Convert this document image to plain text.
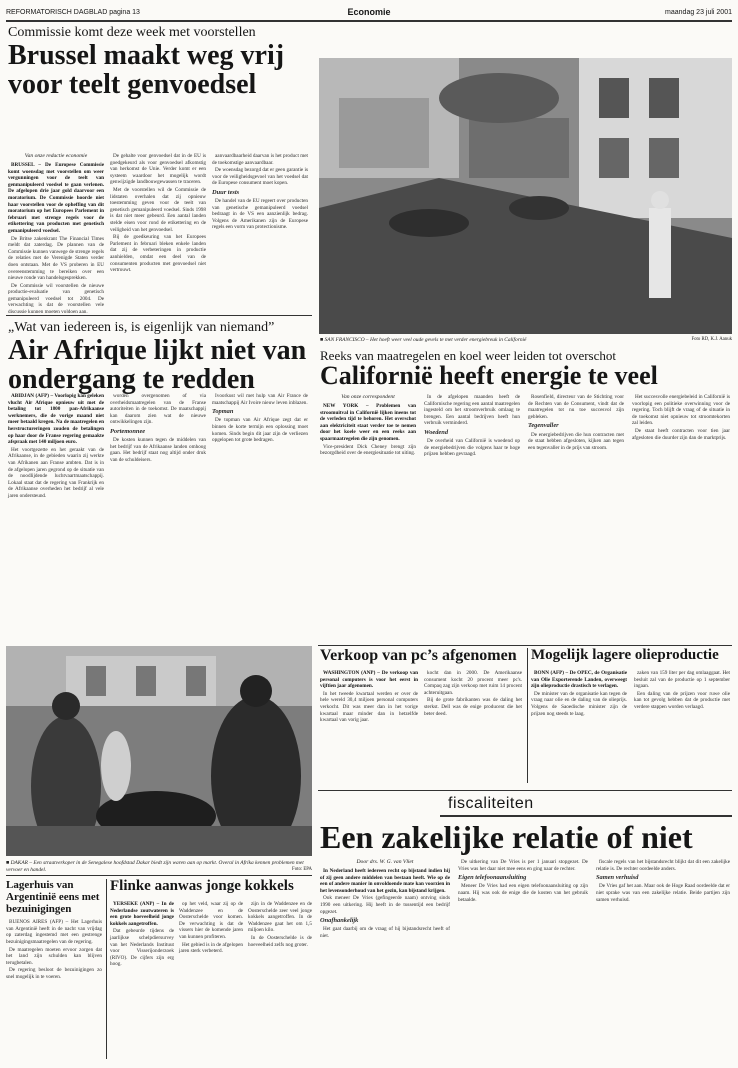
REFORMATORISCH DAGBLAD pagina 13	Economie	maandag 23 juli 2001
Commissie komt deze week met voorstellen
Brussel maakt weg vrij voor teelt genvoedsel
Van onze redactie economie

BRUSSEL – De Europese Commissie komt woensdag met voorstellen om weer vergunningen voor de teelt van genmanipuleerd voedsel te gaan verlenen. De afgelopen drie jaar gold daarvoor een moratorium. De Commissie hoorde niet haar voorstellen voor de opheffing van dit moratorium op het Europees Parlement in februari met strenge regels voor de etikettering van producten met genetisch gemanipuleerd voedsel.

De Britse zakenkrant The Financial Times meldt dat zaterdag. De plannen van de Commissie kunnen vanwege de strenge regels de relaties met de Verenigde Staten verder doen ontstaan. Met de VS proberen in EU overeenstemming te bereiken over een nieuwe ronde van handelsgesprekken.

De Commissie wil voorstellen de nieuwe productie-evaluatie van genetisch gemanipuleerd voedsel tot 2004. De verwachting is dat de voorstellen vele discussie kunnen moeten voldoen aan.

De gehalte voor genvoedsel dat in de EU is goedgekeurd als voor genvoedsel afkomstig van herkomst de Unie. Verder komt er een systeem waardoor het mogelijk wordt genwijzigde landbouwgewassen te traceren.

Met de voorstellen wil de Commissie de lidstaten overhalen dat zij opnieuw toestemming geven voor de teelt van genetisch gemanipuleerd voedsel. Sinds 1998 is dat niet meer gebeurd. Een aantal landen stelde eisen voor rond de etikettering en de veiligheid van het genvoedsel.

Bij de goedkeuring van het Europees Parlement in februari bleken enkele landen dat zij de verbeteringen in productie aanhielden, omdat een deel van de consumenten producten met genvoedsel niet vertrouwt.

aanvaardbaarheid daarvan is het product met de toekomstige aanvaardbaar.

De woensdag bezorgd dat er geen garantie is voor de veiligheidsgevoel van het voedsel dat de Europese consument moet kopen.

Duur tests

De handel van de EU regeert over producten van genetische gemanipuleerd voedsel bedraagt in de VS een aanzienlijk bedrag. Volgens de Amerikanen zijn de Europese regels een vorm van protectionisme.

■ SAN FRANCISCO – Het hoeft weer veel oude gevels te met verder energiebreuk in Californië	Foto RD, K.J. Aanuk
„Wat van iedereen is, is eigenlijk van niemand”
Air Afrique lijkt niet van ondergang te redden

ABIDJAN (AFP) – Voorlopig kan geleken vlucht Air Afrique opnieuw uit met de betaling tot 1800 pan-Afrikaanse werknemers, die de vorige maand niet meer betaald kregen. Na de maatregelen en herstructureringen zouden de betalingen op haar door de Franse regering gemaakte afspraak met 140 miljoen euro.

Het voortgezette en het geraakt van de Afrikaanse, in de gebieden waarin zij werkte van Afrikanen aan Franse ambten. Dat is in de afgelopen jaren gegrond op de situatie van de noodlijdende luchtvaartmaatschappij. Lokaal staat dat de regering van Frankrijk en de Afrikaanse overheden het bedrijf al vele jaren ondersteund.

worden overgenomen of via overheidsmaatregelen van de Franse autoriteiten in de toekomst. De maatschappij kan daarom zien wat de nieuwe ontwikkelingen zijn.

Portemonnee

De kosten kunnen tegen de middelen van het bedrijf van de Afrikaanse landen omhoog gaan. Het bedrijf staat nog altijd onder druk van de schuldeisers.

Ivoorkust wil met hulp van Air France de maatschappij Air Ivoire nieuw leven inblazen.

Topman

De topman van Air Afrique zegt dat er binnen de korte termijn een oplossing moet komen. Sinds begin dit jaar zijn de verliezen opgelopen tot grote bedragen.

Reeks van maatregelen en koel weer leiden tot overschot
Californië heeft energie te veel
Van onze correspondent

NEW YORK – Problemen van stroomuitval in Californië lijken ineens tot de verleden tijd te behoren. Het overschot aan elektriciteit staat verder toe te nemen door het koele weer en een reeks aan spaarmaatregelen die zijn genomen.

Vice-president Dick Cheney brengt zijn bezorgdheid over de energiesituatie tot uiting.

In de afgelopen maanden heeft de Californische regering een aantal maatregelen ingesteld om het stroomverbruik omlaag te brengen. Een aantal bedrijven heeft hun verbruik verminderd.

Woedend

De overheid van Californië is woedend op de energiebedrijven die volgens haar te hoge prijzen hebben gevraagd.

Rosenfield, directeur van de Stichting voor de Rechten van de Consument, vindt dat de maatregelen tot nu toe succesvol zijn gebleken.

Tegenvaller

De energiebedrijven die hun contracten met de staat hebben afgesloten, kijken aan tegen een tegenvaller in de prijs van stroom.

Het succesvolle energiebeleid in Californië is voorlopig een politieke overwinning voor de regering. Toch blijft de vraag of de situatie in de toekomst niet opnieuw tot stroomtekorten zal leiden.

De staat heeft contracten voor tien jaar afgesloten die duurder zijn dan de marktprijs.

■ DAKAR – Een straatverkoper in de Senegalese hoofdstad Dakar biedt zijn waren aan op markt. Overal in Afrika kennen problemen met vervoer en handel.	Foto: EPA
Verkoop van pc’s afgenomen

WASHINGTON (ANP) – De verkoop van personal computers is voor het eerst in vijftien jaar afgenomen.

In het tweede kwartaal werden er over de hele wereld 30,4 miljoen personal computers verkocht. Dit was meer dan in het vorige kwartaal maar minder dan in hetzelfde kwartaal van vorig jaar.

kocht dan in 2000. De Amerikaanse consument kocht 20 procent meer pc's. Compaq zag zijn verkoop met ruim 14 procent achteruitgaan.

Bij de grote fabrikanten was de daling het sterkst. Dell was de enige producent die het beter deed.

Mogelijk lagere olieproductie

BONN (AFP) – De OPEC, de Organisatie van Olie Exporterende Landen, overweegt zijn olieproductie drastisch te verlagen.

De minister van de organisatie kan tegen de vraag naar olie en de daling van de olieprijs. Volgens de Saoedische minister zijn de prijzen nog steeds te laag.

zaken van 159 liter per dag omlaaggaat. Het besluit zal van de productie op 1 september ingaan.

Een daling van de prijzen voor ruwe olie kan tot gevolg hebben dat de productie met verdere stappen worden verlaagd.

fiscaliteiten
Een zakelijke relatie of niet
Door drs. W. G. van Vliet

In Nederland heeft iedereen recht op bijstand indien hij of zij geen andere middelen van bestaan heeft. Wie op de een of andere manier in onvoldoende mate kan voorzien in het levensonderhoud van het gezin, kan bijstand krijgen.

Ook meneer De Vries (gefingeerde naam) ontving sinds 1990 een uitkering. Hij heeft in de tussentijd een bedrijf opgezet.

Onafhankelijk

Het gaat daarbij om de vraag of hij bijstandsrecht heeft of niet.

De uitkering van De Vries is per 1 januari stopgezet. De Vries was het daar niet mee eens en ging naar de rechter.

Eigen telefoonaansluiting

Meneer De Vries had een eigen telefoonaansluiting op zijn naam. Hij was ook de enige die de kosten van het gebruik betaalde.

fiscale regels van het bijstandsrecht blijkt dat dit een zakelijke relatie is. De rechter oordeelde anders.

Samen verhuisd

De Vries gaf het aan. Maar ook de Hoge Raad oordeelde dat er niet sprake was van een zakelijke relatie. Beide partijen zijn samen verhuisd.

Lagerhuis van Argentinië eens met bezuinigingen

BUENOS AIRES (AFP) – Het Lagerhuis van Argentinië heeft in de nacht van vrijdag op zaterdag ingestemd met een gestrenge bezuinigingsmaatregelen van de regering.

De maatregelen moeten ervoor zorgen dat het land zijn schulden kan blijven terugbetalen.

De regering besloot de bezuinigingen zo snel mogelijk in te voeren.

Flinke aanwas jonge kokkels

YERSEKE (ANP) – In de Nederlandse zoutwateren is een grote hoeveelheid jonge kokkels aangetroffen.

Dat gebeurde tijdens de jaarlijkse schelpdiersurvey van het Nederlands Instituut voor Visserijonderzoek (RIVO). De cijfers zijn erg hoog.

op het veld, waar zij op de Waddenzee en de Oosterschelde voor komen. De verwachting is dat de vissers hier de komende jaren van kunnen profiteren.

Het gebied is in de afgelopen jaren sterk verbeterd.

zijn in de Waddenzee en de Oosterschelde zeer veel jonge kokkels aangetroffen. In de Waddenzee gaat het om 1,5 miljoen kilo.

In de Oosterschelde is de hoeveelheid zelfs nog groter.
